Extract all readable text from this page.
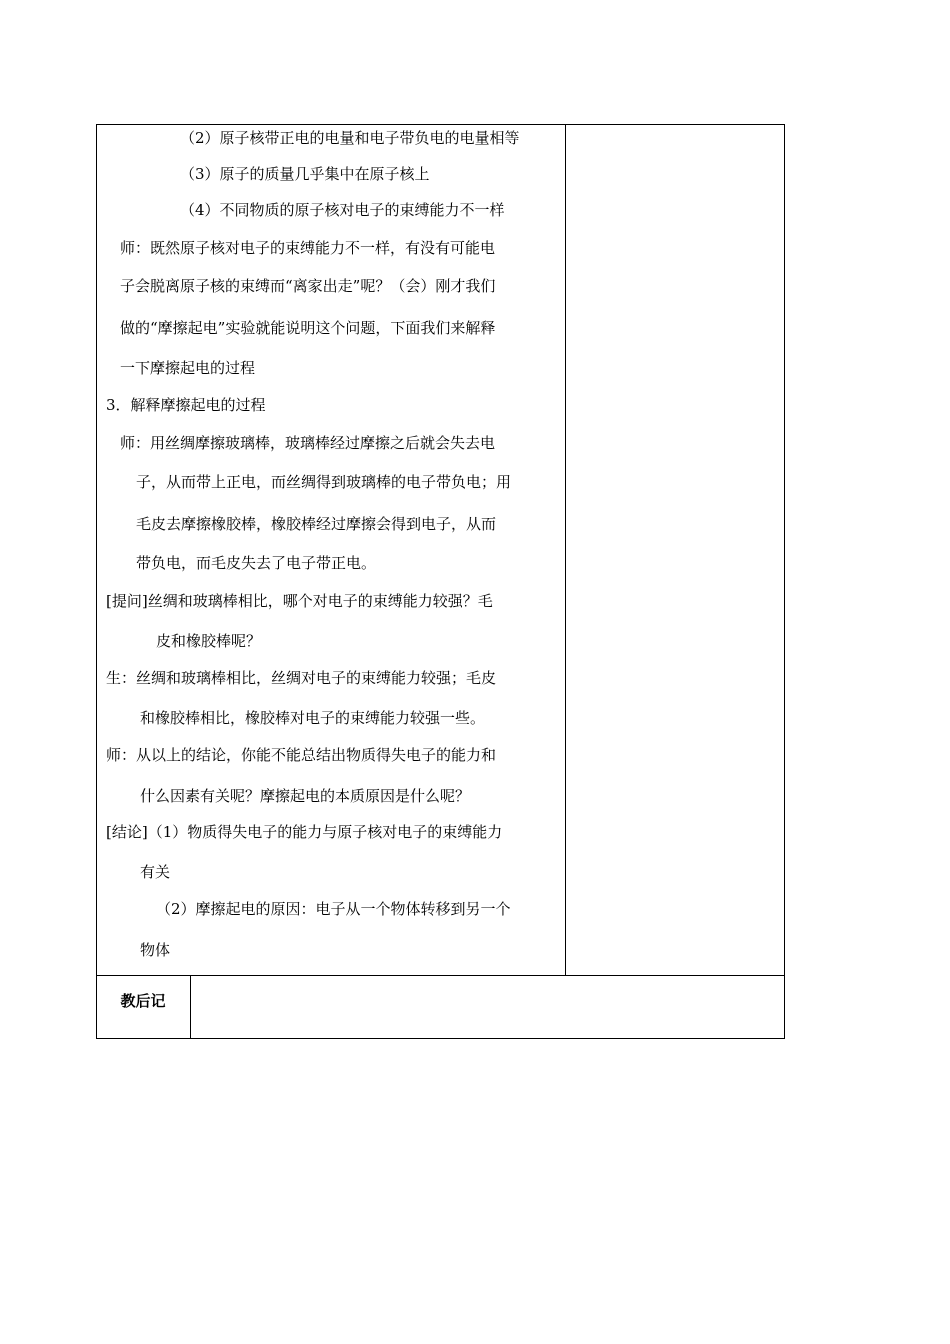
（2）原子核带正电的电量和电子带负电的电量相等
（3）原子的质量几乎集中在原子核上
（4）不同物质的原子核对电子的束缚能力不一样
师：既然原子核对电子的束缚能力不一样，有没有可能电
子会脱离原子核的束缚而“离家出走”呢？（会）刚才我们
做的“摩擦起电”实验就能说明这个问题，下面我们来解释
一下摩擦起电的过程
3．解释摩擦起电的过程
师：用丝绸摩擦玻璃棒，玻璃棒经过摩擦之后就会失去电
子，从而带上正电，而丝绸得到玻璃棒的电子带负电；用
毛皮去摩擦橡胶棒，橡胶棒经过摩擦会得到电子，从而
带负电，而毛皮失去了电子带正电。
[提问]丝绸和玻璃棒相比，哪个对电子的束缚能力较强？毛
皮和橡胶棒呢？
生：丝绸和玻璃棒相比，丝绸对电子的束缚能力较强；毛皮
和橡胶棒相比，橡胶棒对电子的束缚能力较强一些。
师：从以上的结论，你能不能总结出物质得失电子的能力和
什么因素有关呢？摩擦起电的本质原因是什么呢？
[结论]（1）物质得失电子的能力与原子核对电子的束缚能力
有关
（2）摩擦起电的原因：电子从一个物体转移到另一个
物体
教后记
